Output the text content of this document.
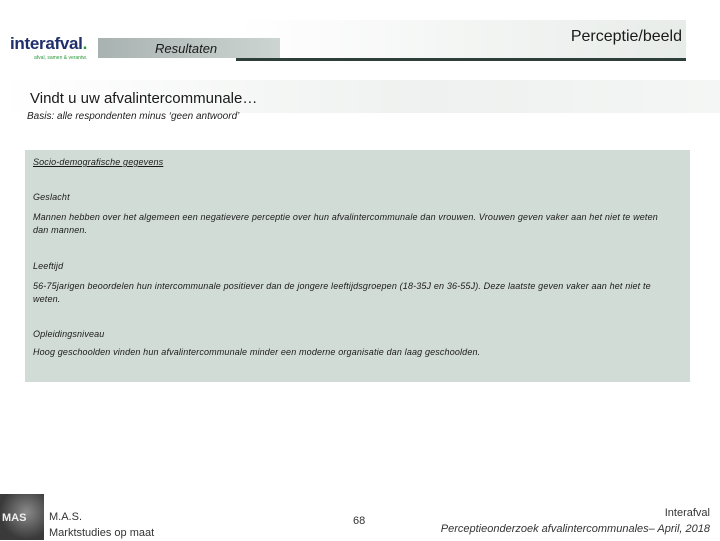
interafval.
afval, samen & verantw.
Resultaten
Perceptie/beeld
Vindt u uw afvalintercommunale…
Basis: alle respondenten minus ‘geen antwoord’

Socio-demografische gegevens

Geslacht

Mannen hebben over het algemeen een negatievere perceptie over hun afvalintercommunale dan vrouwen. Vrouwen geven vaker aan het niet te weten dan mannen.

Leeftijd

56-75jarigen beoordelen hun intercommunale positiever dan de jongere leeftijdsgroepen (18-35J en 36-55J). Deze laatste geven vaker aan het niet te weten.

Opleidingsniveau

Hoog geschoolden vinden hun afvalintercommunale minder een moderne organisatie dan laag geschoolden.

MAS M.A.S.
Marktstudies op maat
68
Interafval
Perceptieonderzoek afvalintercommunales– April, 2018
